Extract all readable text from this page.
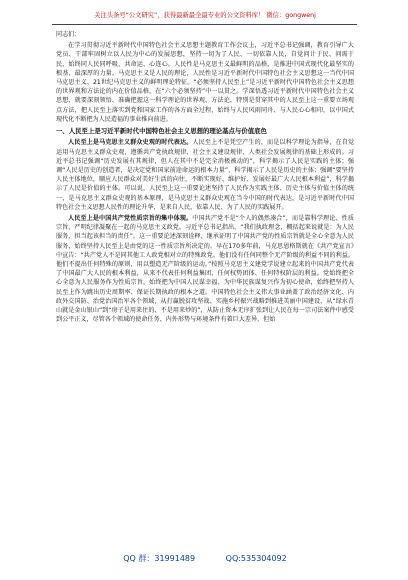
关注头条号“公文研究”，获得最新最全最专业的公文资料库！ 微信：gongwenj
同志们：

在学习贯彻习近平新时代中国特色社会主义思想主题教育工作会议上，习近平总书记强调，教育引导广大党员、干部牢固树立以人民为中心的发展思想，坚持一切为了人民、一切依靠人民，自觉问计于民、问需于民，始终同人民同呼吸、共命运、心连心。人民性是马克思主义最鲜明的品格，是推进中国式现代化最坚实的根基、最深厚的力量。马克思主义是人民的理论，人民性是习近平新时代中国特色社会主义思想这一当代中国马克思主义、21世纪马克思主义的鲜明理论特征。“必须坚持人民至上”是习近平新时代中国特色社会主义思想的世界观和方法论的内在价值品格，在“六个必须坚持”中一以贯之。学深悟透习近平新时代中国特色社会主义思想，就要深刻领悟、准确把握这一科学理论的世界观、方法论，特别是贯穿其中的人民至上这一重要立场观点方法，把人民至上落实到党和国家工作的各方面全过程，始终与人民风雨同舟、与人民心心相印，以中国式现代化不断把为人民造福的事业推向前进。

一、人民至上是习近平新时代中国特色社会主义思想的理论基点与价值底色

人民至上是马克思主义群众史观的时代表达。人民至上不是凭空产生的，而是以科学理论为指导，在自觉运用马克思主义群众史观，遵循共产党执政规律、社会主义建设规律、人类社会发展规律的基础上形成的。习近平总书记强调“历史发展有其规律，但人在其中不是完全消极被动的”，科学揭示了人民是实践的主体；强调“人民是历史的创造者，是决定党和国家前途命运的根本力量”，科学揭示了人民是历史的主体；强调“要坚持人民主体地位，顺应人民群众对美好生活的向往，不断实现好、维护好、发展好最广大人民根本利益”，科学揭示了人民是价值的主体。可以说，人民至上这一重要论述坚持了人民作为实践主体、历史主体与价值主体的统一，是马克思主义群众史观的基本原理，是马克思主义群众史观在当今中国的时代表达，是习近平新时代中国特色社会主义思想人民性的理论升华，是来自人民、依靠人民、为了人民的实践展开。

人民至上是中国共产党性质宗旨的集中体现。中国共产党不是“个人的偶然凑合”，而是靠科学理论、性质宗旨、严明纪律凝聚在一起的马克思主义政党。习近平总书记指出，“我们执政理念，概括起来说就是：为人民服务，担当起该担当的责任”。这一重要论述深刻诠释、继承证明了中国共产党的性质宗旨就是全心全意为人民服务，始终坚持人民至上是由党的这一性质宗旨所决定的。早在170多年前，马克思恩格斯就在《共产党宣言》中宣告：“共产党人不是同其他工人政党相对立的特殊政党。他们没有任何同整个无产阶级的利益不同的利益。他们不提出任何特殊的原则，用以塑造无产阶级的运动。”按照马克思主义建党学说建立起来的中国共产党代表了中国最广大人民的根本利益，从来不代表任何利益集团、任何权势团体、任何特权阶层的利益。党始终把全心全意为人民服务作为性质宗旨，始终把为中国人民谋幸福、为中华民族谋复兴作为初心使命，始终把坚持人民至上作为跳出历史周期率、保证长期执政的根本之道。中国特色社会主义伟大事业涵盖了政治经济文化、内政外交国防、治党治国治军各个领域，从打赢脱贫攻坚战、实施乡村振兴战略到推进美丽中国建设，从“绿水青山就是金山银山”到“房子是用来住的、不是用来炒的”，从防止资本无序扩张到让人民在每一宗司法案件中感受到公平正义，尽管各个领域的使命任务、内外形势与环境条件有着巨大差异，但始

QQ 群：31991489	QQ:535304092
